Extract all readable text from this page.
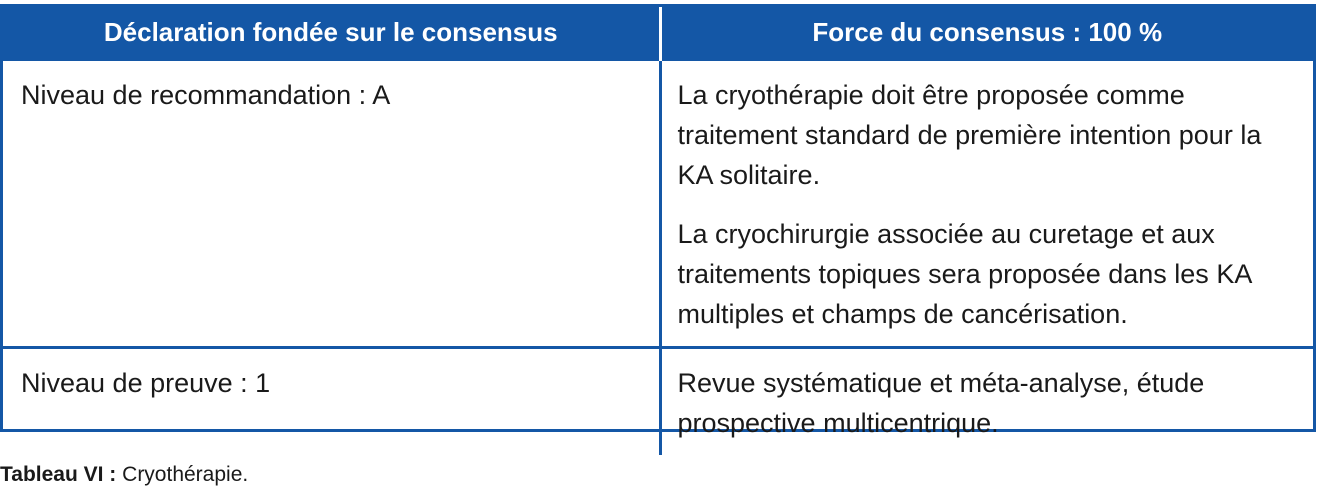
Déclaration fondée sur le consensus	Force du consensus : 100 %
Niveau de recommandation : A	La cryothérapie doit être proposée comme traitement standard de première intention pour la KA solitaire.
La cryochirurgie associée au curetage et aux traitements topiques sera proposée dans les KA multiples et champs de cancérisation.

Niveau de preuve : 1	Revue systématique et méta-analyse, étude prospective multicentrique.
Tableau VI : Cryothérapie.
